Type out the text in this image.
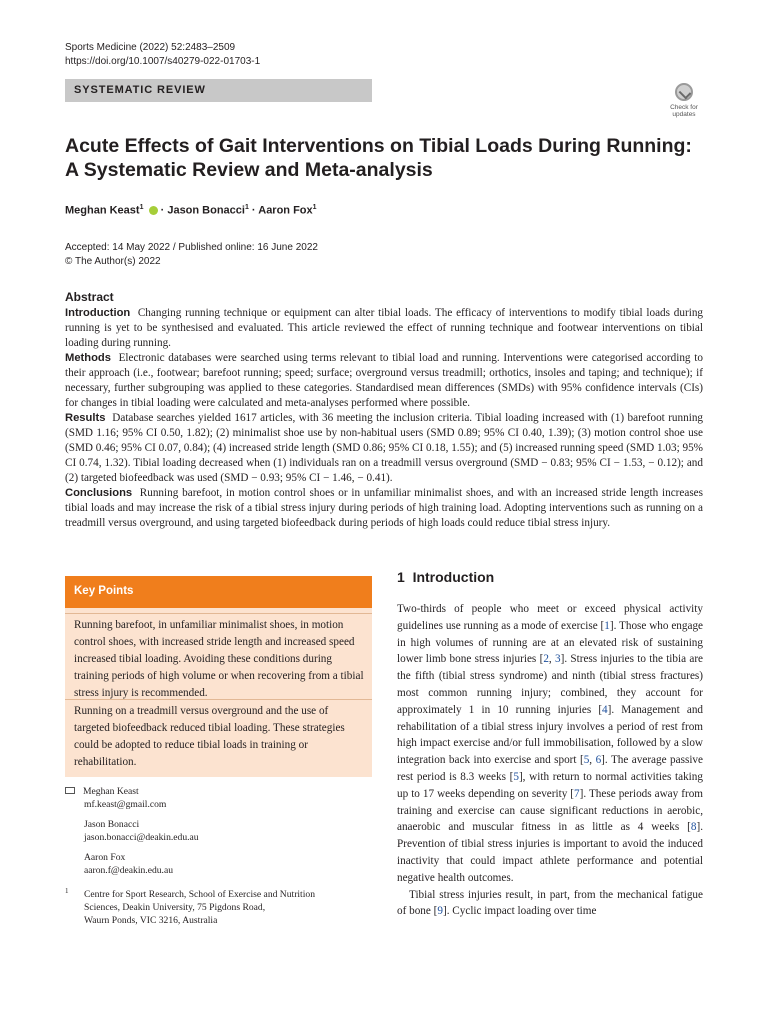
Sports Medicine (2022) 52:2483–2509
https://doi.org/10.1007/s40279-022-01703-1
SYSTEMATIC REVIEW
Check for
updates
Acute Effects of Gait Interventions on Tibial Loads During Running:
A Systematic Review and Meta-analysis
Meghan Keast$^1$  · Jason Bonacci$^1$ · Aaron Fox$^1$
Accepted: 14 May 2022 / Published online: 16 June 2022
© The Author(s) 2022
Abstract

Introduction Changing running technique or equipment can alter tibial loads. The efficacy of interventions to modify tibial loads during running is yet to be synthesised and evaluated. This article reviewed the effect of running technique and footwear interventions on tibial loading during running.

Methods Electronic databases were searched using terms relevant to tibial load and running. Interventions were categorised according to their approach (i.e., footwear; barefoot running; speed; surface; overground versus treadmill; orthotics, insoles and taping; and technique); if necessary, further subgrouping was applied to these categories. Standardised mean differences (SMDs) with 95% confidence intervals (CIs) for changes in tibial loading were calculated and meta-analyses performed where possible.

Results Database searches yielded 1617 articles, with 36 meeting the inclusion criteria. Tibial loading increased with (1) barefoot running (SMD 1.16; 95% CI 0.50, 1.82); (2) minimalist shoe use by non-habitual users (SMD 0.89; 95% CI 0.40, 1.39); (3) motion control shoe use (SMD 0.46; 95% CI 0.07, 0.84); (4) increased stride length (SMD 0.86; 95% CI 0.18, 1.55); and (5) increased running speed (SMD 1.03; 95% CI 0.74, 1.32). Tibial loading decreased when (1) individuals ran on a treadmill versus overground (SMD − 0.83; 95% CI − 1.53, − 0.12); and (2) targeted biofeedback was used (SMD − 0.93; 95% CI − 1.46, − 0.41).

Conclusions Running barefoot, in motion control shoes or in unfamiliar minimalist shoes, and with an increased stride length increases tibial loads and may increase the risk of a tibial stress injury during periods of high training load. Adopting interventions such as running on a treadmill versus overground, and using targeted biofeedback during periods of high loads could reduce tibial stress injury.

Key Points
Running barefoot, in unfamiliar minimalist shoes, in motion control shoes, with increased stride length and increased speed increased tibial loading. Avoiding these conditions during training periods of high volume or when recovering from a tibial stress injury is recommended.
Running on a treadmill versus overground and the use of targeted biofeedback reduced tibial loading. These strategies could be adopted to reduce tibial loads in training or rehabilitation.
Meghan Keast
mf.keast@gmail.com
Jason Bonacci
jason.bonacci@deakin.edu.au
Aaron Fox
aaron.f@deakin.edu.au
1	Centre for Sport Research, School of Exercise and Nutrition
Sciences, Deakin University, 75 Pigdons Road,
Waurn Ponds, VIC 3216, Australia
1 Introduction

Two-thirds of people who meet or exceed physical activity guidelines use running as a mode of exercise [1]. Those who engage in high volumes of running are at an elevated risk of sustaining lower limb bone stress injuries [2, 3]. Stress injuries to the tibia are the fifth (tibial stress syndrome) and ninth (tibial stress fractures) most common running injury; combined, they account for approximately 1 in 10 running injuries [4]. Management and rehabilitation of a tibial stress injury involves a period of rest from high impact exercise and/or full immobilisation, followed by a slow integration back into exercise and sport [5, 6]. The average passive rest period is 8.3 weeks [5], with return to normal activities taking up to 17 weeks depending on severity [7]. These periods away from training and exercise can cause significant reductions in aerobic, anaerobic and muscular fitness in as little as 4 weeks [8]. Prevention of tibial stress injuries is important to avoid the induced inactivity that could impact athlete performance and potential negative health outcomes.

Tibial stress injuries result, in part, from the mechanical fatigue of bone [9]. Cyclic impact loading over time
